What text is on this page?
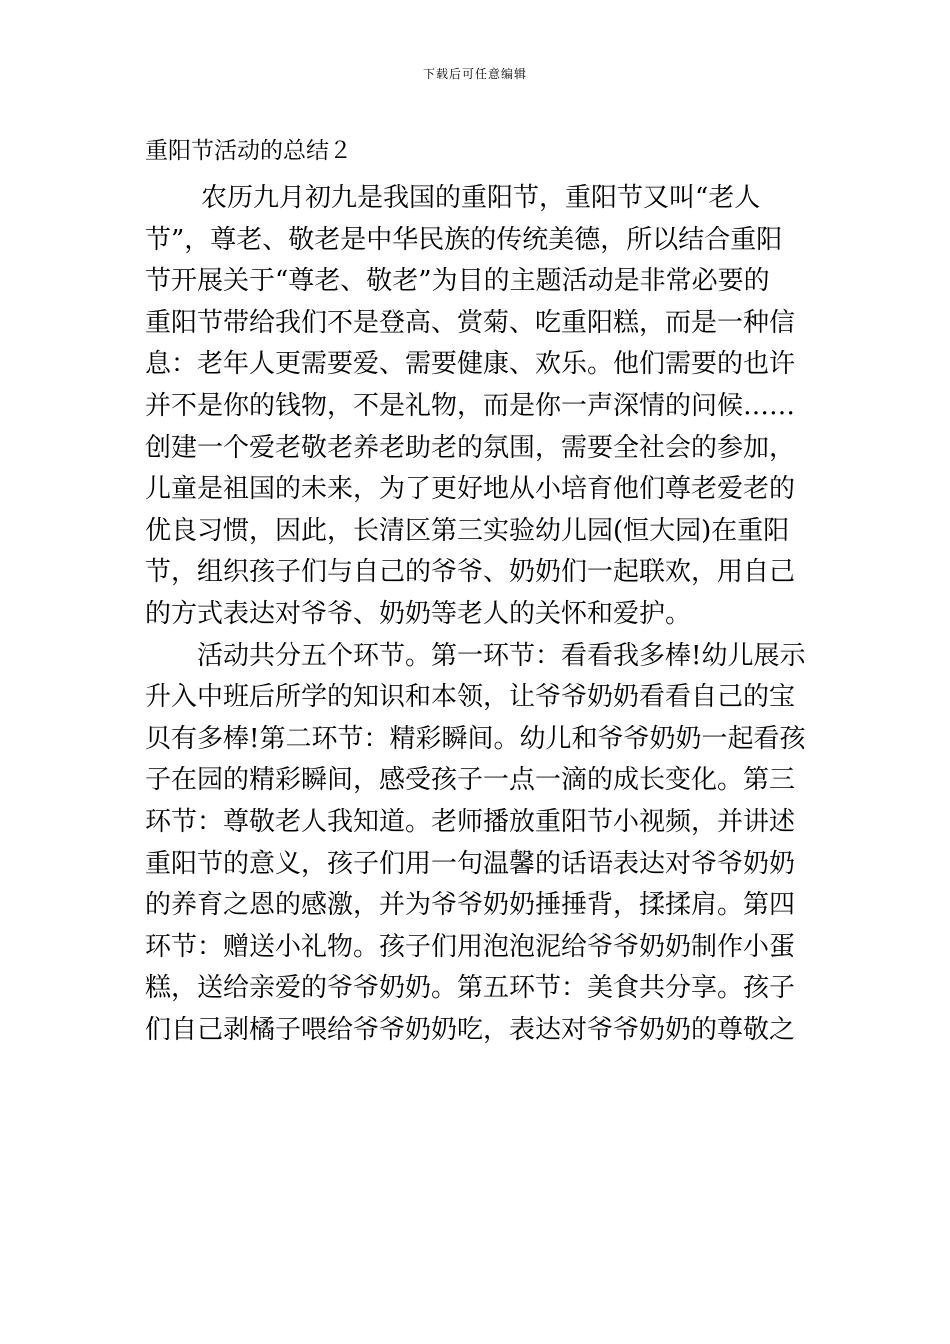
下载后可任意编辑
重阳节活动的总结２
农历九月初九是我国的重阳节，重阳节又叫“老人
节”，尊老、敬老是中华民族的传统美德，所以结合重阳
节开展关于“尊老、敬老”为目的主题活动是非常必要的
重阳节带给我们不是登高、赏菊、吃重阳糕，而是一种信
息：老年人更需要爱、需要健康、欢乐。他们需要的也许
并不是你的钱物，不是礼物，而是你一声深情的问候……
创建一个爱老敬老养老助老的氛围，需要全社会的参加，
儿童是祖国的未来，为了更好地从小培育他们尊老爱老的
优良习惯，因此，长清区第三实验幼儿园(恒大园)在重阳
节，组织孩子们与自己的爷爷、奶奶们一起联欢，用自己
的方式表达对爷爷、奶奶等老人的关怀和爱护。
活动共分五个环节。第一环节：看看我多棒!幼儿展示
升入中班后所学的知识和本领，让爷爷奶奶看看自己的宝
贝有多棒!第二环节：精彩瞬间。幼儿和爷爷奶奶一起看孩
子在园的精彩瞬间，感受孩子一点一滴的成长变化。第三
环节：尊敬老人我知道。老师播放重阳节小视频，并讲述
重阳节的意义，孩子们用一句温馨的话语表达对爷爷奶奶
的养育之恩的感激，并为爷爷奶奶捶捶背，揉揉肩。第四
环节：赠送小礼物。孩子们用泡泡泥给爷爷奶奶制作小蛋
糕，送给亲爱的爷爷奶奶。第五环节：美食共分享。孩子
们自己剥橘子喂给爷爷奶奶吃，表达对爷爷奶奶的尊敬之
